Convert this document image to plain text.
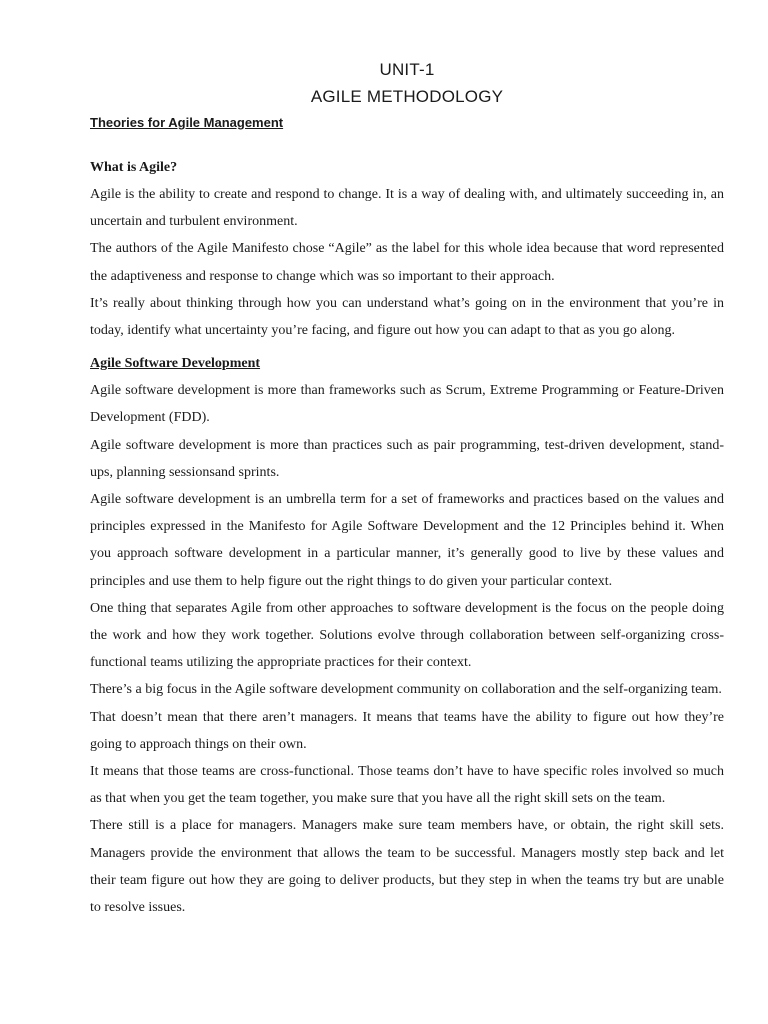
UNIT-1
AGILE METHODOLOGY

Theories for Agile Management

What is Agile?

Agile is the ability to create and respond to change. It is a way of dealing with, and ultimately succeeding in, an uncertain and turbulent environment.

The authors of the Agile Manifesto chose “Agile” as the label for this whole idea because that word represented the adaptiveness and response to change which was so important to their approach.

It’s really about thinking through how you can understand what’s going on in the environment that you’re in today, identify what uncertainty you’re facing, and figure out how you can adapt to that as you go along.

Agile Software Development

Agile software development is more than frameworks such as Scrum, Extreme Programming or Feature-Driven Development (FDD).

Agile software development is more than practices such as pair programming, test-driven development, stand-ups, planning sessionsand sprints.

Agile software development is an umbrella term for a set of frameworks and practices based on the values and principles expressed in the Manifesto for Agile Software Development and the 12 Principles behind it. When you approach software development in a particular manner, it’s generally good to live by these values and principles and use them to help figure out the right things to do given your particular context.

One thing that separates Agile from other approaches to software development is the focus on the people doing the work and how they work together. Solutions evolve through collaboration between self-organizing cross-functional teams utilizing the appropriate practices for their context.

There’s a big focus in the Agile software development community on collaboration and the self-organizing team.

That doesn’t mean that there aren’t managers. It means that teams have the ability to figure out how they’re going to approach things on their own.

It means that those teams are cross-functional. Those teams don’t have to have specific roles involved so much as that when you get the team together, you make sure that you have all the right skill sets on the team.

There still is a place for managers. Managers make sure team members have, or obtain, the right skill sets. Managers provide the environment that allows the team to be successful. Managers mostly step back and let their team figure out how they are going to deliver products, but they step in when the teams try but are unable to resolve issues.
